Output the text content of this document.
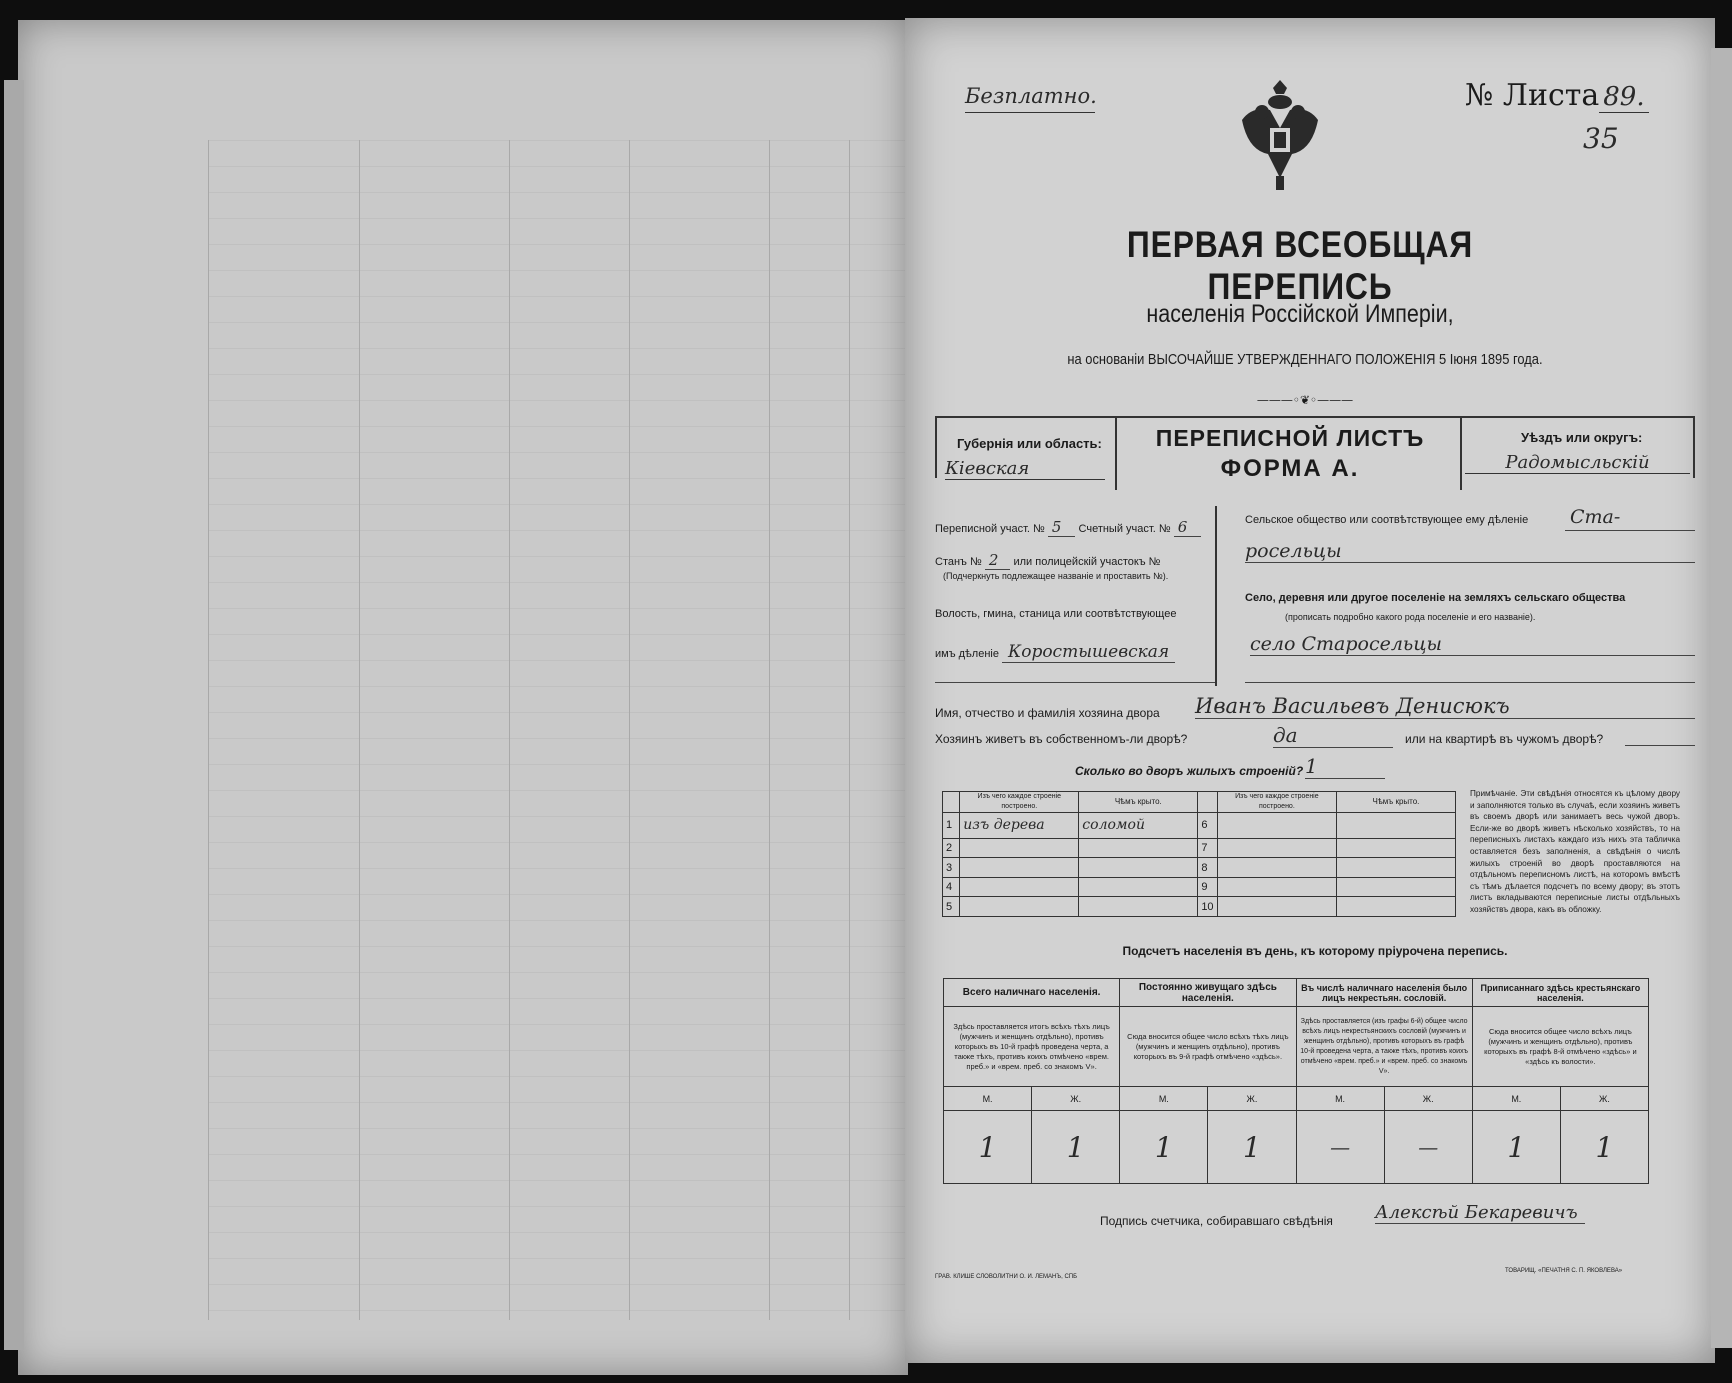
Безплатно.	№ Листа 89.
35
ПЕРВАЯ ВСЕОБЩАЯ ПЕРЕПИСЬ
населенія Россійской Имперіи,
на основаніи ВЫСОЧАЙШЕ УТВЕРЖДЕННАГО ПОЛОЖЕНІЯ 5 Іюня 1895 года.
———◦❦◦———
Губернія или область:
Кіевская
ПЕРЕПИСНОЙ ЛИСТЪ
ФОРМА А.
Уѣздъ или округъ:
Радомысльскій
Переписной участ. № 5 Счетный участ. № 6
Станъ № 2 или полицейскій участокъ №
(Подчеркнуть подлежащее названіе и проставить №).
Волость, гмина, станица или соотвѣтствующее
имъ дѣленіе Коростышевская
Сельское общество или соотвѣтствующее ему дѣленіе Ста-
росельцы
Село, деревня или другое поселеніе на земляхъ сельскаго общества
(прописать подробно какого рода поселеніе и его названіе).
село Старосельцы
Имя, отчество и фамилія хозяина двора Иванъ Васильевъ Денисюкъ
Хозяинъ живетъ въ собственномъ-ли дворѣ?	да	или на квартирѣ въ чужомъ дворѣ?
Сколько во дворъ жилыхъ строеній? 1
	Изъ чего каждое строеніе построено.	Чѣмъ крыто.		Изъ чего каждое строеніе построено.	Чѣмъ крыто.
1	изъ дерева	соломой	6		
2			7		
3			8		
4			9		
5			10		
Примѣчаніе. Эти свѣдѣнія относятся къ цѣлому двору и заполняются только въ случаѣ, если хозяинъ живетъ въ своемъ дворѣ или занимаетъ весь чужой дворъ. Если-же во дворѣ живетъ нѣсколько хозяйствъ, то на переписныхъ листахъ каждаго изъ нихъ эта табличка оставляется безъ заполненія, а свѣдѣнія о числѣ жилыхъ строеній во дворѣ проставляются на отдѣльномъ переписномъ листѣ, на которомъ вмѣстѣ съ тѣмъ дѣлается подсчетъ по всему двору; въ этотъ листъ вкладываются переписные листы отдѣльныхъ хозяйствъ двора, какъ въ обложку.
Подсчетъ населенія въ день, къ которому пріурочена перепись.
Всего наличнаго населенія.		Постоянно живущаго здѣсь населенія.		Въ числѣ наличнаго населенія было лицъ некрестьян. сословій.		Приписаннаго здѣсь крестьянскаго населенія.	
Здѣсь проставляется итогъ всѣхъ тѣхъ лицъ (мужчинъ и женщинъ отдѣльно), противъ которыхъ въ 10-й графѣ проведена черта, а также тѣхъ, противъ коихъ отмѣчено «врем. преб.» и «врем. преб. со знакомъ V».		Сюда вносится общее число всѣхъ тѣхъ лицъ (мужчинъ и женщинъ отдѣльно), противъ которыхъ въ 9-й графѣ отмѣчено «здѣсь».		Здѣсь проставляется (изъ графы 6-й) общее число всѣхъ лицъ некрестьянскихъ сословій (мужчинъ и женщинъ отдѣльно), противъ которыхъ въ графѣ 10-й проведена черта, а также тѣхъ, противъ коихъ отмѣчено «врем. преб.» и «врем. преб. со знакомъ V».		Сюда вносится общее число всѣхъ лицъ (мужчинъ и женщинъ отдѣльно), противъ которыхъ въ графѣ 8-й отмѣчено «здѣсь» и «здѣсь къ волости».	
М.	Ж.	М.	Ж.	М.	Ж.	М.	Ж.
1	1	1	1	—	—	1	1
Подпись счетчика, собиравшаго свѣдѣнія Алексѣй Бекаревичъ
ГРАВ. КЛИШЕ СЛОВОЛИТНИ О. И. ЛЕМАНЪ, СПБ
ТОВАРИЩ. «ПЕЧАТНЯ С. П. ЯКОВЛЕВА»
